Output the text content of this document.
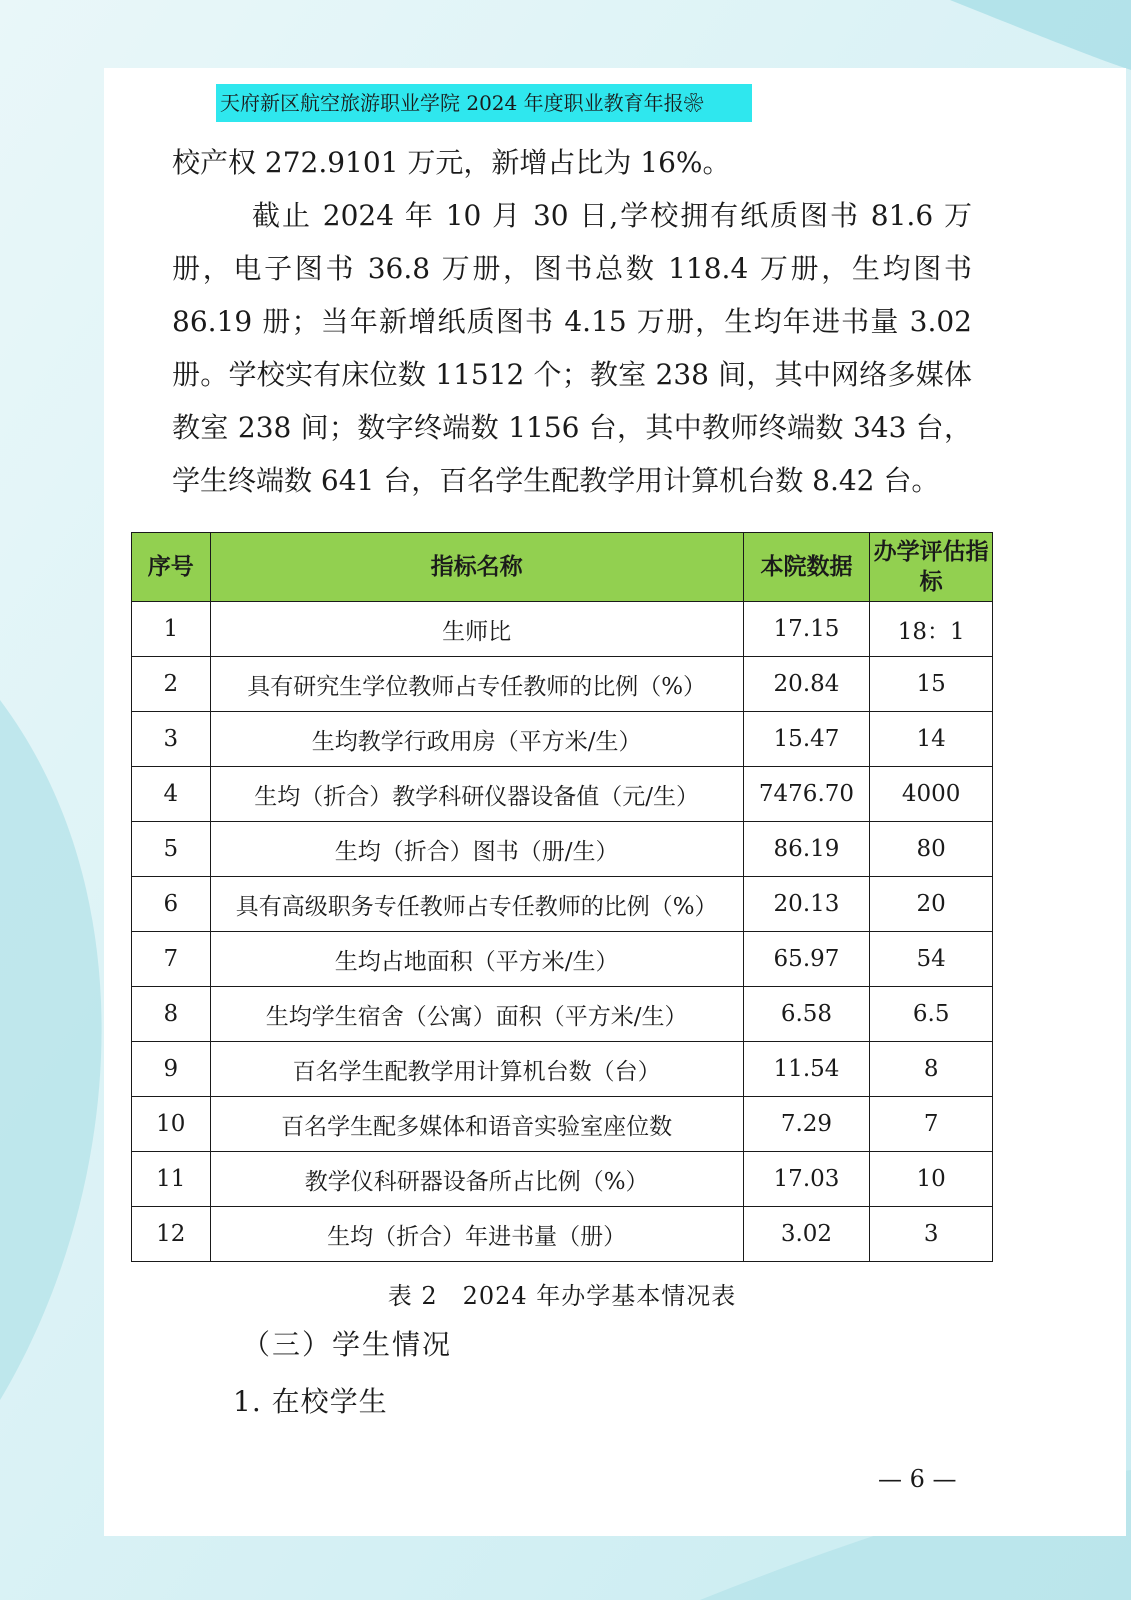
天府新区航空旅游职业学院 2024 年度职业教育年报❀

校产权 272.9101 万元，新增占比为 16%。

截止 2024 年 10 月 30 日,学校拥有纸质图书 81.6 万册，电子图书 36.8 万册，图书总数 118.4 万册，生均图书 86.19 册；当年新增纸质图书 4.15 万册，生均年进书量 3.02 册。学校实有床位数 11512 个；教室 238 间，其中网络多媒体教室 238 间；数字终端数 1156 台，其中教师终端数 343 台，学生终端数 641 台，百名学生配教学用计算机台数 8.42 台。

序号	指标名称	本院数据	办学评估指标
1	生师比	17.15	18：1
2	具有研究生学位教师占专任教师的比例（%）	20.84	15
3	生均教学行政用房（平方米/生）	15.47	14
4	生均（折合）教学科研仪器设备值（元/生）	7476.70	4000
5	生均（折合）图书（册/生）	86.19	80
6	具有高级职务专任教师占专任教师的比例（%）	20.13	20
7	生均占地面积（平方米/生）	65.97	54
8	生均学生宿舍（公寓）面积（平方米/生）	6.58	6.5
9	百名学生配教学用计算机台数（台）	11.54	8
10	百名学生配多媒体和语音实验室座位数	7.29	7
11	教学仪科研器设备所占比例（%）	17.03	10
12	生均（折合）年进书量（册）	3.02	3
表 2　2024 年办学基本情况表
（三）学生情况
1. 在校学生
— 6 —
